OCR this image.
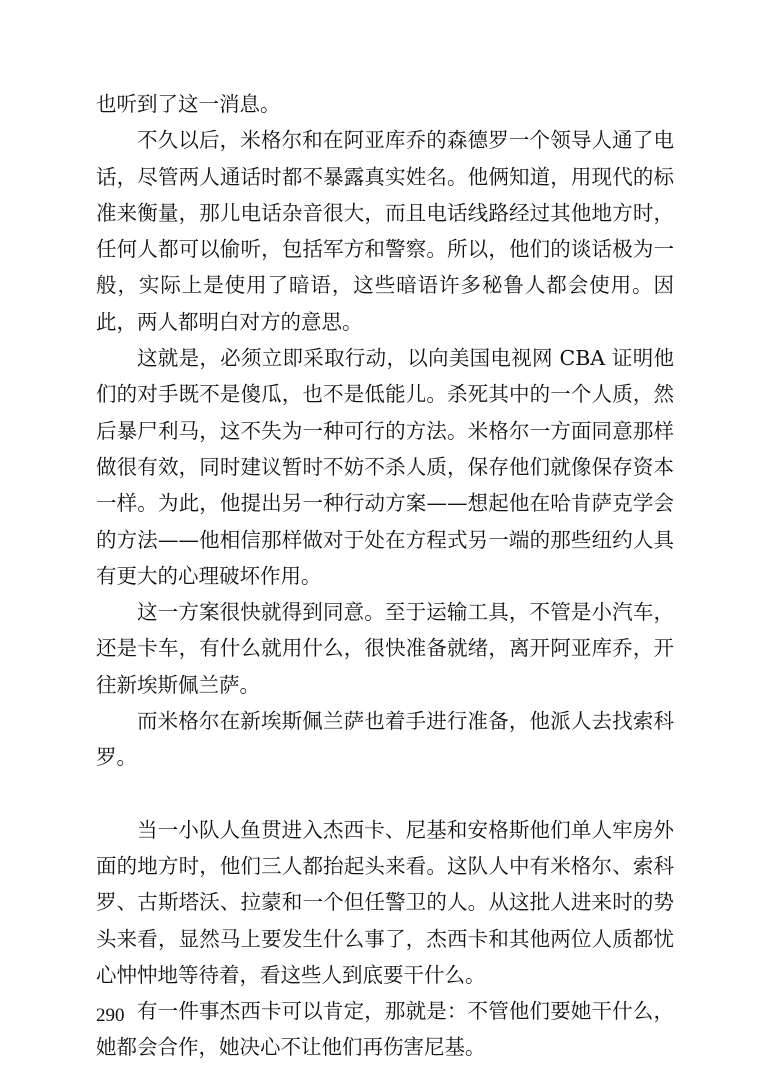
也听到了这一消息。

不久以后，米格尔和在阿亚库乔的森德罗一个领导人通了电话，尽管两人通话时都不暴露真实姓名。他俩知道，用现代的标准来衡量，那儿电话杂音很大，而且电话线路经过其他地方时，任何人都可以偷听，包括军方和警察。所以，他们的谈话极为一般，实际上是使用了暗语，这些暗语许多秘鲁人都会使用。因此，两人都明白对方的意思。

这就是，必须立即采取行动，以向美国电视网 CBA 证明他们的对手既不是傻瓜，也不是低能儿。杀死其中的一个人质，然后暴尸利马，这不失为一种可行的方法。米格尔一方面同意那样做很有效，同时建议暂时不妨不杀人质，保存他们就像保存资本一样。为此，他提出另一种行动方案——想起他在哈肯萨克学会的方法——他相信那样做对于处在方程式另一端的那些纽约人具有更大的心理破坏作用。

这一方案很快就得到同意。至于运输工具，不管是小汽车，还是卡车，有什么就用什么，很快准备就绪，离开阿亚库乔，开往新埃斯佩兰萨。

而米格尔在新埃斯佩兰萨也着手进行准备，他派人去找索科罗。

当一小队人鱼贯进入杰西卡、尼基和安格斯他们单人牢房外面的地方时，他们三人都抬起头来看。这队人中有米格尔、索科罗、古斯塔沃、拉蒙和一个但任警卫的人。从这批人进来时的势头来看，显然马上要发生什么事了，杰西卡和其他两位人质都忧心忡忡地等待着，看这些人到底要干什么。

有一件事杰西卡可以肯定，那就是：不管他们要她干什么，她都会合作，她决心不让他们再伤害尼基。

290
